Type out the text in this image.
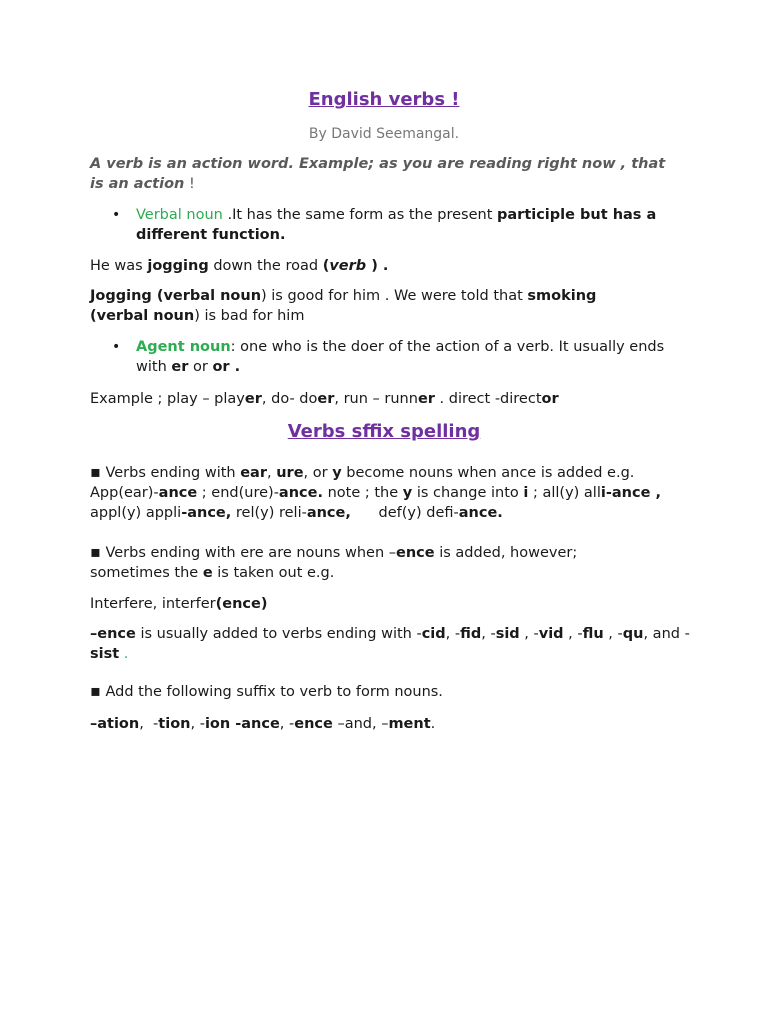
English verbs !

By David Seemangal.

A verb is an action word. Example; as you are reading right now , that is an action !

• Verbal noun .It has the same form as the present participle but has a different function.

He was jogging down the road (verb ) .

Jogging (verbal noun) is good for him . We were told that smoking (verbal noun) is bad for him

• Agent noun: one who is the doer of the action of a verb. It usually ends with er or or .

Example ; play – player, do- doer, run – runner . direct -director

Verbs sffix spelling

▪ Verbs ending with ear, ure, or y become nouns when ance is added e.g. App(ear)-ance ; end(ure)-ance. note ; the y is change into i ; all(y) alli-ance , appl(y) appli-ance, rel(y) reli-ance,      def(y) defi-ance.

▪ Verbs ending with ere are nouns when –ence is added, however; sometimes the e is taken out e.g.

Interfere, interfer(ence)

–ence is usually added to verbs ending with -cid, -fid, -sid , -vid , -flu , -qu, and -sist .

▪ Add the following suffix to verb to form nouns.

–ation,  -tion, -ion -ance, -ence –and, –ment.
